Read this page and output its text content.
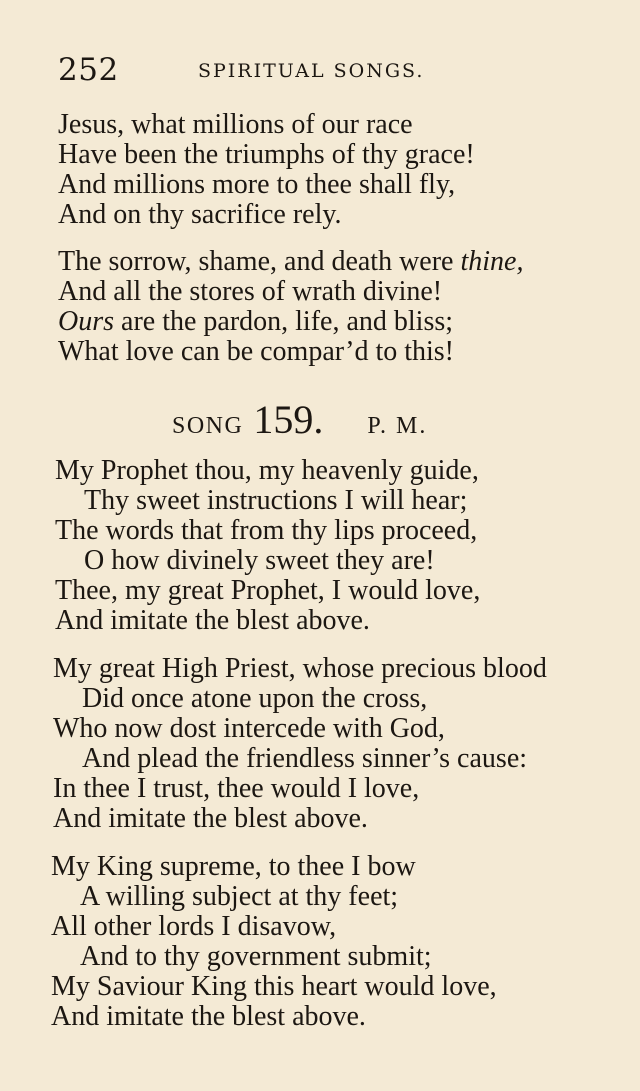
252	SPIRITUAL SONGS.
Jesus, what millions of our race
Have been the triumphs of thy grace!
And millions more to thee shall fly,
And on thy sacrifice rely.
The sorrow, shame, and death were thine,
And all the stores of wrath divine!
Ours are the pardon, life, and bliss;
What love can be compar’d to this!
SONG 159. P. M.
My Prophet thou, my heavenly guide,
Thy sweet instructions I will hear;
The words that from thy lips proceed,
O how divinely sweet they are!
Thee, my great Prophet, I would love,
And imitate the blest above.
My great High Priest, whose precious blood
Did once atone upon the cross,
Who now dost intercede with God,
And plead the friendless sinner’s cause:
In thee I trust, thee would I love,
And imitate the blest above.
My King supreme, to thee I bow
A willing subject at thy feet;
All other lords I disavow,
And to thy government submit;
My Saviour King this heart would love,
And imitate the blest above.
